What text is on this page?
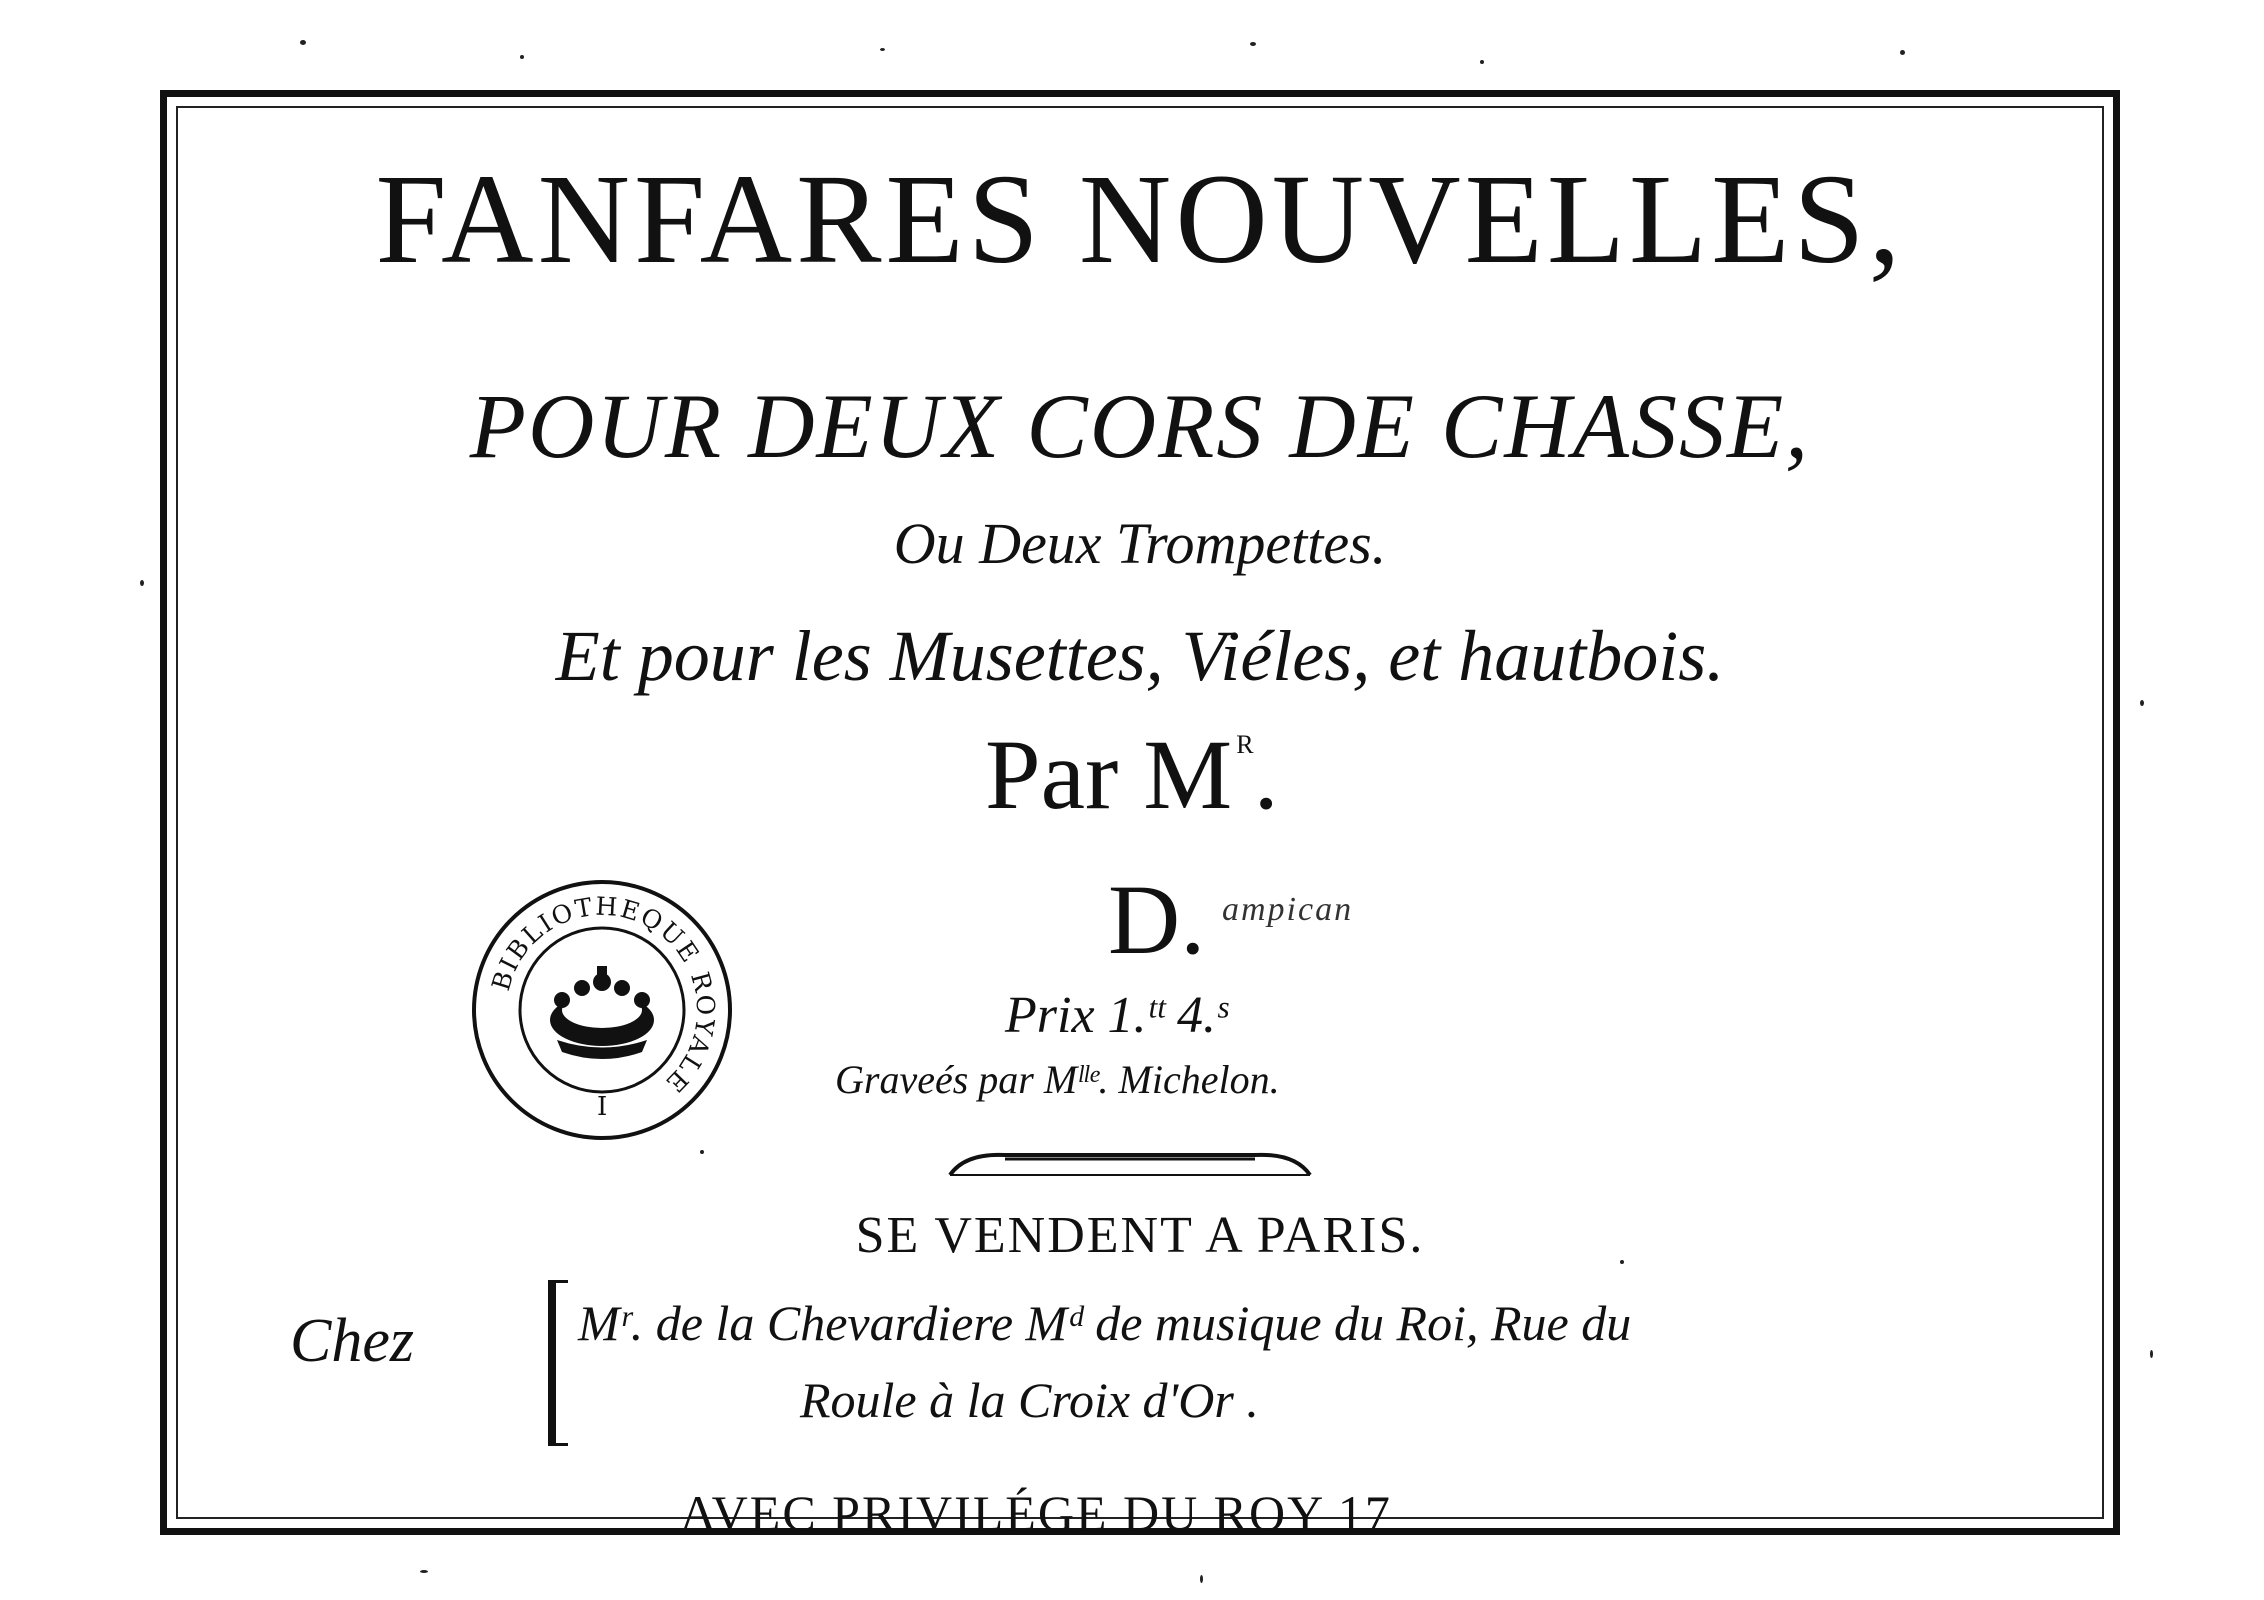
FANFARES NOUVELLES,
POUR DEUX CORS DE CHASSE,
Ou Deux Trompettes.
Et pour les Musettes, Viéles, et hautbois.
Par M $^R$.
D. ampican
Prix 1.ᵗᵗ 4.ˢ
Graveés par Mˡˡᵉ. Michelon.
SE VENDENT A PARIS.
Chez	Mʳ. de la Chevardiere Mᵈ de musique du Roi, Rue du
Roule à la Croix d'Or .
AVEC PRIVILÉGE DU ROY 17
BIBLIOTHEQUE ROYALE
I
